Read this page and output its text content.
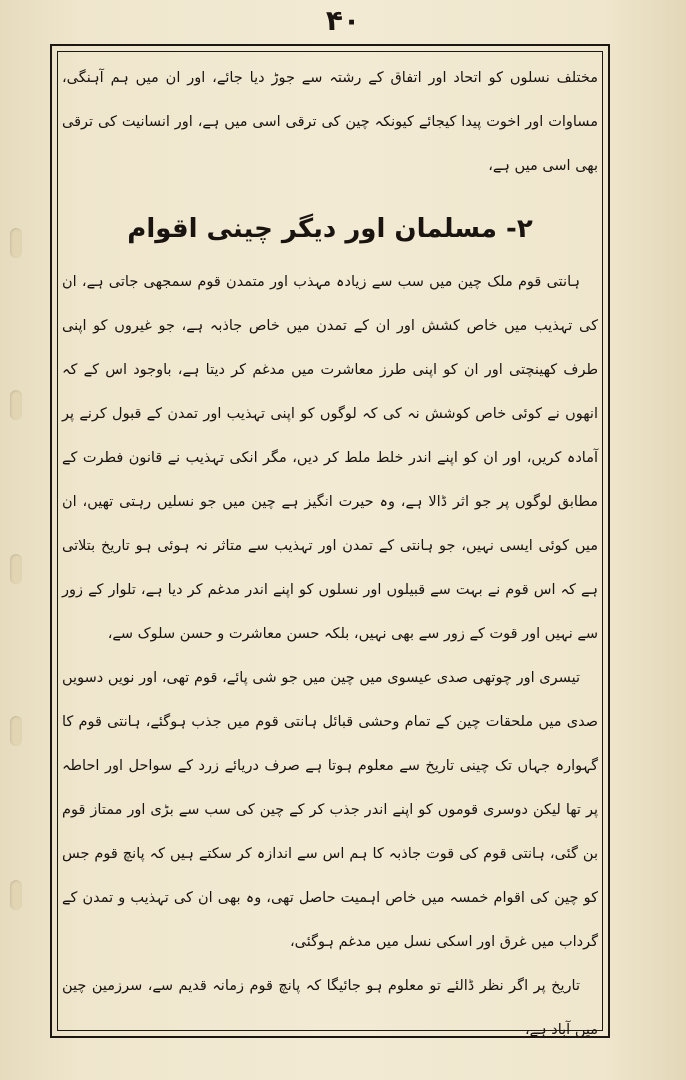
۴۰

مختلف نسلوں کو اتحاد اور اتفاق کے رشتہ سے جوڑ دیا جائے، اور ان میں ہم آہنگی، مساوات اور اخوت پیدا کیجائے کیونکہ چین کی ترقی اسی میں ہے، اور انسانیت کی ترقی بھی اسی میں ہے،

۲- مسلمان اور دیگر چینی اقوام

ہانتی قوم ملک چین میں سب سے زیادہ مہذب اور متمدن قوم سمجھی جاتی ہے، ان کی تہذیب میں خاص کشش اور ان کے تمدن میں خاص جاذبہ ہے، جو غیروں کو اپنی طرف کھینچتی اور ان کو اپنی طرز معاشرت میں مدغم کر دیتا ہے، باوجود اس کے کہ انھوں نے کوئی خاص کوشش نہ کی کہ لوگوں کو اپنی تہذیب اور تمدن کے قبول کرنے پر آمادہ کریں، اور ان کو اپنے اندر خلط ملط کر دیں، مگر انکی تہذیب نے قانون فطرت کے مطابق لوگوں پر جو اثر ڈالا ہے، وہ حیرت انگیز ہے چین میں جو نسلیں رہتی تھیں، ان میں کوئی ایسی نہیں، جو ہانتی کے تمدن اور تہذیب سے متاثر نہ ہوئی ہو تاریخ بتلاتی ہے کہ اس قوم نے بہت سے قبیلوں اور نسلوں کو اپنے اندر مدغم کر دیا ہے، تلوار کے زور سے نہیں اور قوت کے زور سے بھی نہیں، بلکہ حسن معاشرت و حسن سلوک سے،

تیسری اور چوتھی صدی عیسوی میں چین میں جو شی پائے، قوم تھی، اور نویں دسویں صدی میں ملحقات چین کے تمام وحشی قبائل ہانتی قوم میں جذب ہوگئے، ہانتی قوم کا گہوارہ جہاں تک چینی تاریخ سے معلوم ہوتا ہے صرف دریائے زرد کے سواحل اور احاطہ پر تھا لیکن دوسری قوموں کو اپنے اندر جذب کر کے چین کی سب سے بڑی اور ممتاز قوم بن گئی، ہانتی قوم کی قوت جاذبہ کا ہم اس سے اندازہ کر سکتے ہیں کہ پانچ قوم جس کو چین کی اقوام خمسہ میں خاص اہمیت حاصل تھی، وہ بھی ان کی تہذیب و تمدن کے گرداب میں غرق اور اسکی نسل میں مدغم ہوگئی،

تاریخ پر اگر نظر ڈالئے تو معلوم ہو جائیگا کہ پانچ قوم زمانہ قدیم سے، سرزمین چین میں آباد ہے،
